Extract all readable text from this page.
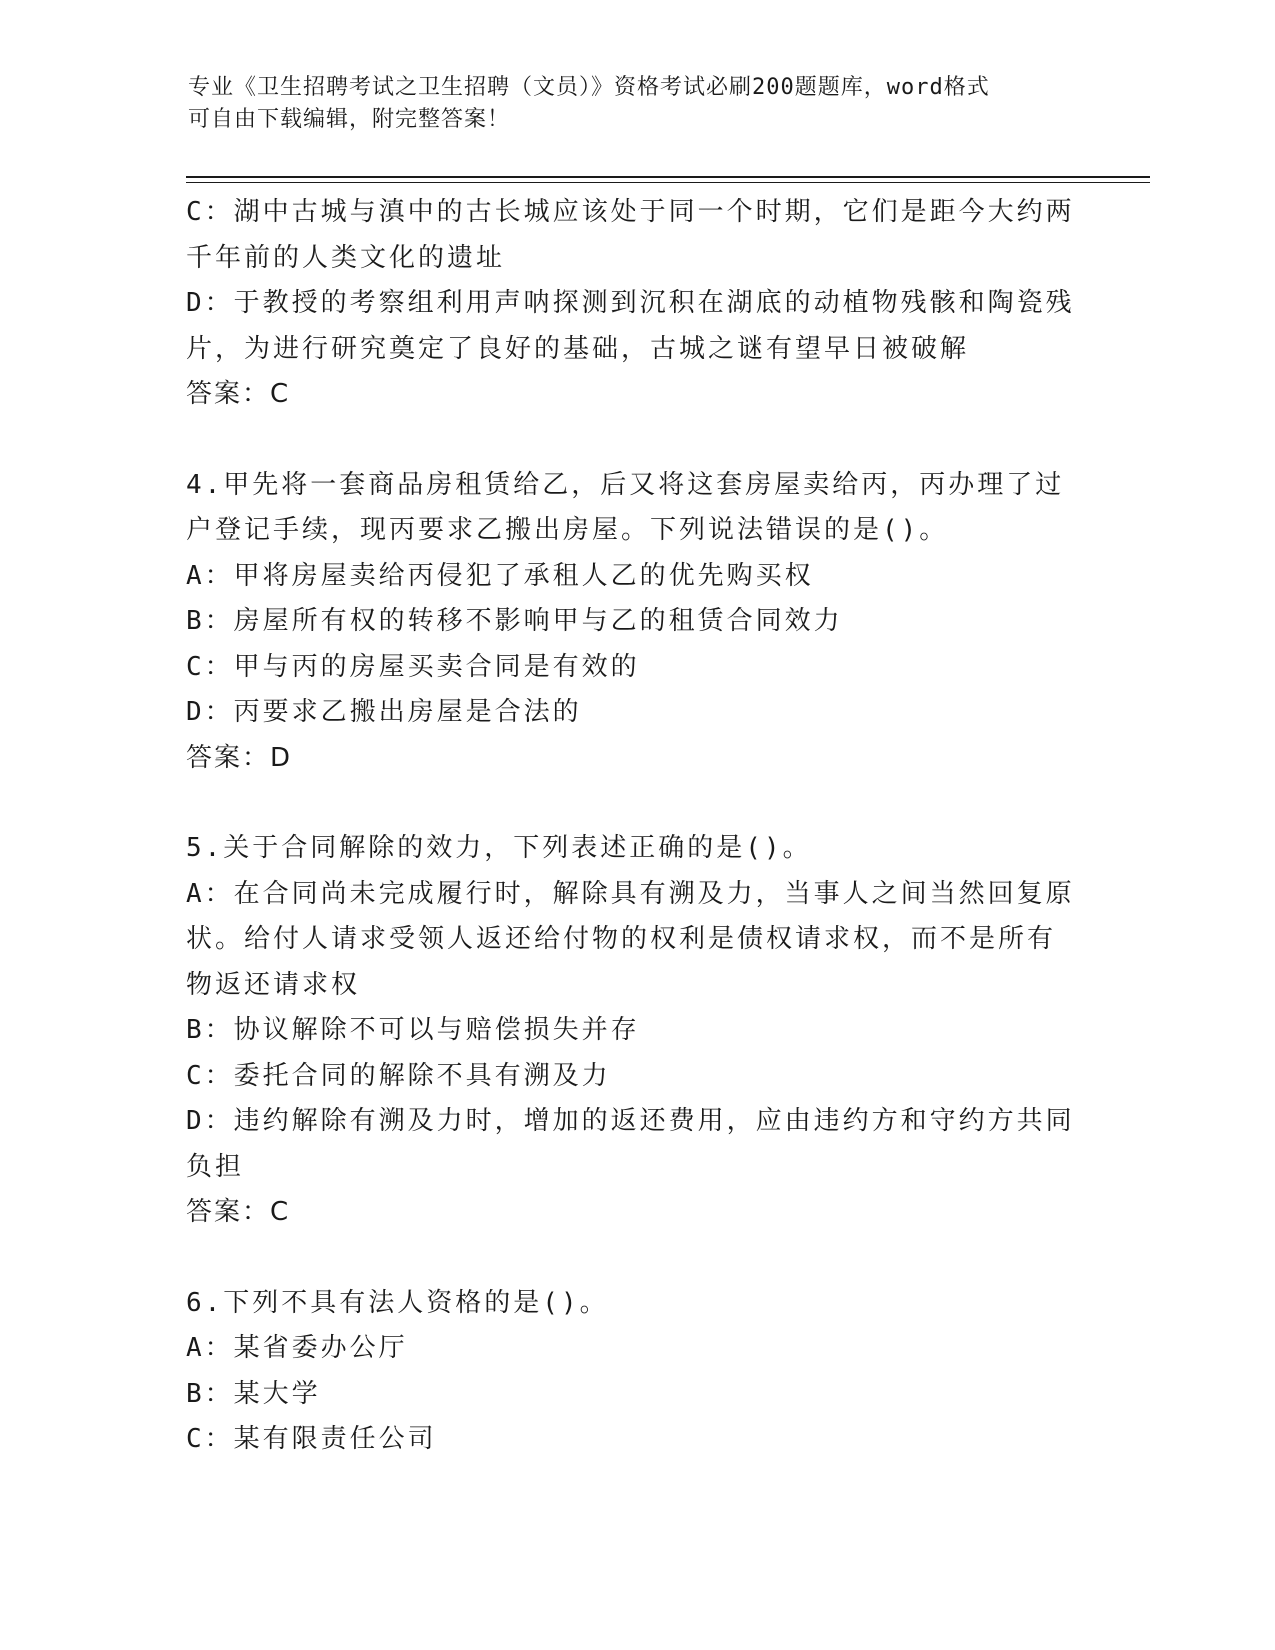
专业《卫生招聘考试之卫生招聘（文员）》资格考试必刷200题题库，word格式
可自由下载编辑，附完整答案！
C：湖中古城与滇中的古长城应该处于同一个时期，它们是距今大约两
千年前的人类文化的遗址
D：于教授的考察组利用声呐探测到沉积在湖底的动植物残骸和陶瓷残
片，为进行研究奠定了良好的基础，古城之谜有望早日被破解
答案：C
4.甲先将一套商品房租赁给乙，后又将这套房屋卖给丙，丙办理了过
户登记手续，现丙要求乙搬出房屋。下列说法错误的是()。
A：甲将房屋卖给丙侵犯了承租人乙的优先购买权
B：房屋所有权的转移不影响甲与乙的租赁合同效力
C：甲与丙的房屋买卖合同是有效的
D：丙要求乙搬出房屋是合法的
答案：D
5.关于合同解除的效力，下列表述正确的是()。
A：在合同尚未完成履行时，解除具有溯及力，当事人之间当然回复原
状。给付人请求受领人返还给付物的权利是债权请求权，而不是所有
物返还请求权
B：协议解除不可以与赔偿损失并存
C：委托合同的解除不具有溯及力
D：违约解除有溯及力时，增加的返还费用，应由违约方和守约方共同
负担
答案：C
6.下列不具有法人资格的是()。
A：某省委办公厅
B：某大学
C：某有限责任公司
